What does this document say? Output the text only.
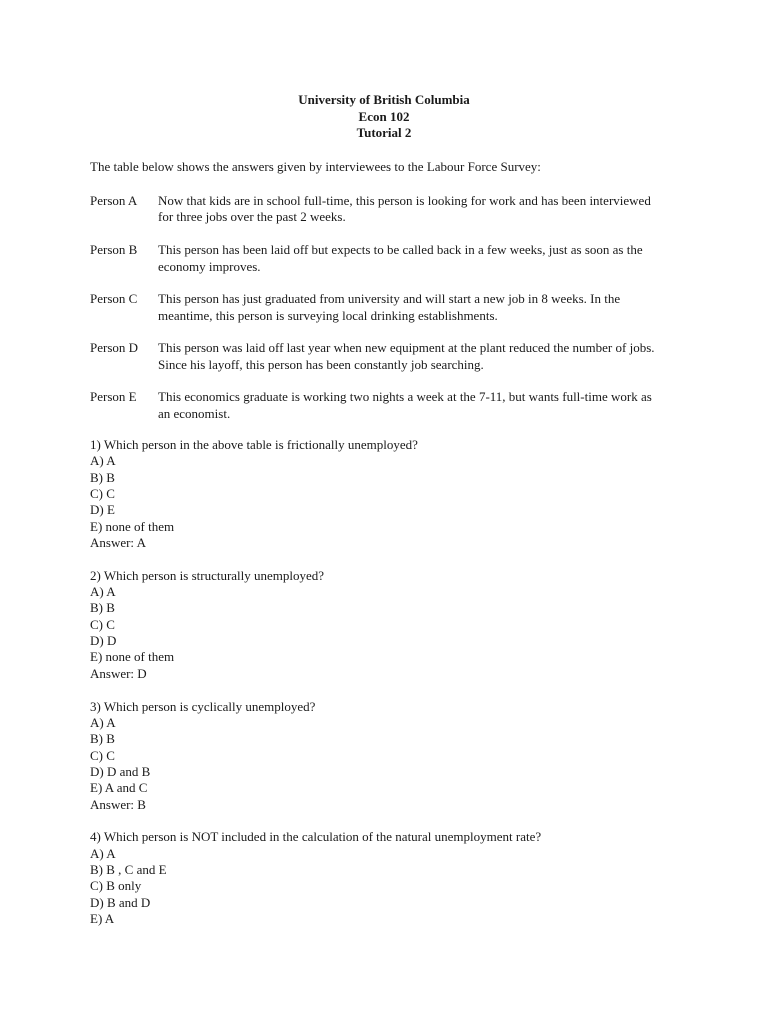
University of British Columbia
Econ 102
Tutorial 2
The table below shows the answers given by interviewees to the Labour Force Survey:
Person A	Now that kids are in school full-time, this person is looking for work and has been interviewed
for three jobs over the past 2 weeks.
Person B	This person has been laid off but expects to be called back in a few weeks, just as soon as the
economy improves.
Person C	This person has just graduated from university and will start a new job in 8 weeks. In the
meantime, this person is surveying local drinking establishments.
Person D	This person was laid off last year when new equipment at the plant reduced the number of jobs.
Since his layoff, this person has been constantly job searching.
Person E	This economics graduate is working two nights a week at the 7-11, but wants full-time work as
an economist.
1) Which person in the above table is frictionally unemployed?
A) A
B) B
C) C
D) E
E) none of them
Answer: A
2) Which person is structurally unemployed?
A) A
B) B
C) C
D) D
E) none of them
Answer: D
3) Which person is cyclically unemployed?
A) A
B) B
C) C
D) D and B
E) A and C
Answer: B
4) Which person is NOT included in the calculation of the natural unemployment rate?
A) A
B) B , C and E
C) B only
D) B and D
E) A
